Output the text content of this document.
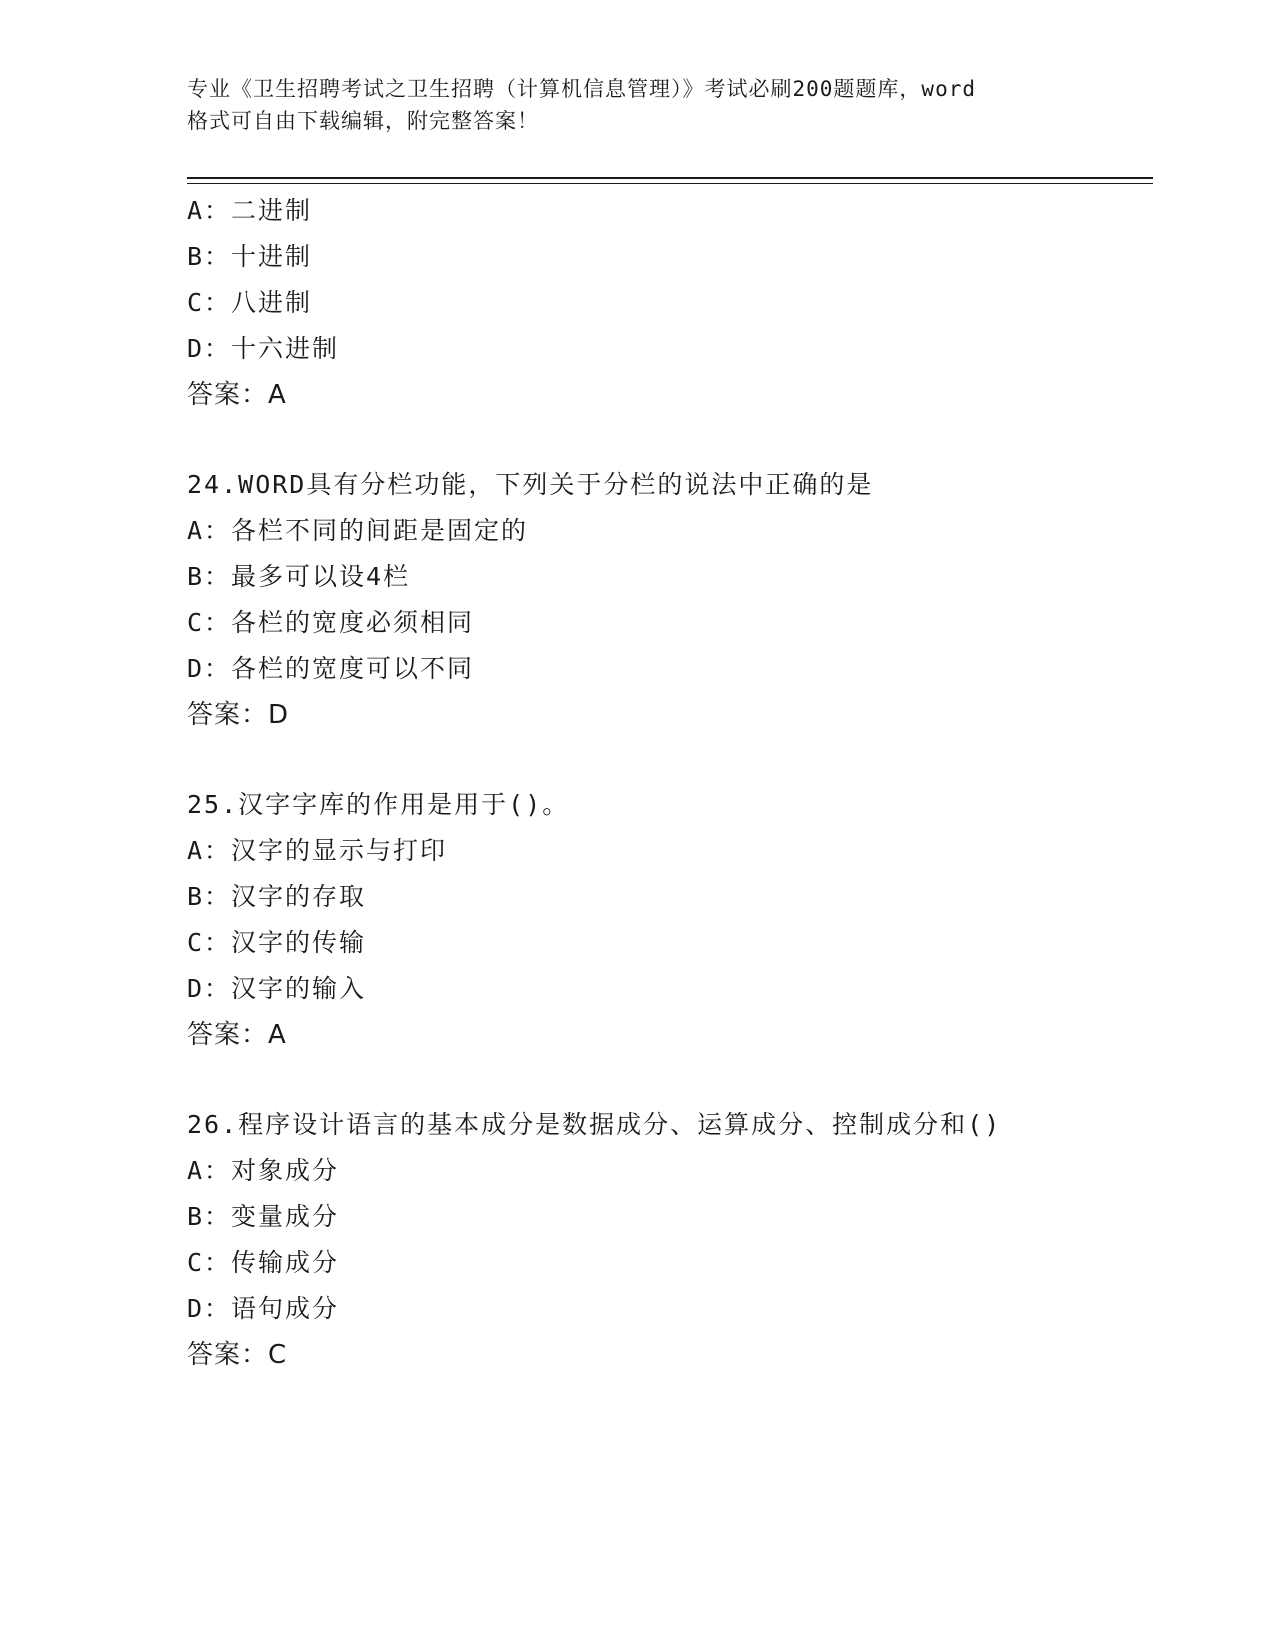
专业《卫生招聘考试之卫生招聘（计算机信息管理）》考试必刷200题题库，word
格式可自由下载编辑，附完整答案！
A：二进制
B：十进制
C：八进制
D：十六进制
答案：A
24.WORD具有分栏功能，下列关于分栏的说法中正确的是
A：各栏不同的间距是固定的
B：最多可以设4栏
C：各栏的宽度必须相同
D：各栏的宽度可以不同
答案：D
25.汉字字库的作用是用于()。
A：汉字的显示与打印
B：汉字的存取
C：汉字的传输
D：汉字的输入
答案：A
26.程序设计语言的基本成分是数据成分、运算成分、控制成分和()
A：对象成分
B：变量成分
C：传输成分
D：语句成分
答案：C
